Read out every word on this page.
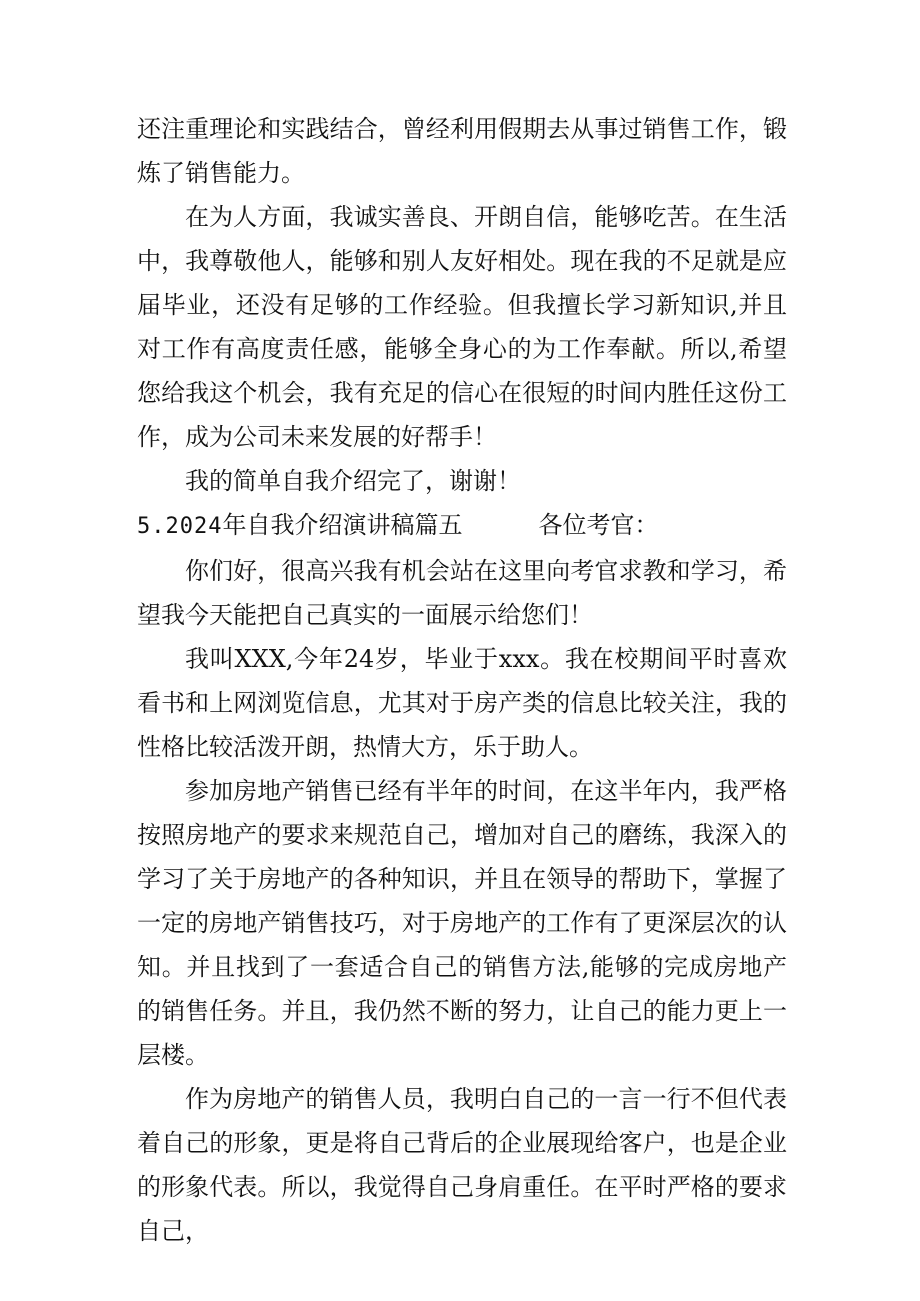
还注重理论和实践结合，曾经利用假期去从事过销售工作，锻炼了销售能力。

在为人方面，我诚实善良、开朗自信，能够吃苦。在生活中，我尊敬他人，能够和别人友好相处。现在我的不足就是应届毕业，还没有足够的工作经验。但我擅长学习新知识,并且对工作有高度责任感，能够全身心的为工作奉献。所以,希望您给我这个机会，我有充足的信心在很短的时间内胜任这份工作，成为公司未来发展的好帮手！

我的简单自我介绍完了，谢谢！

5.2024年自我介绍演讲稿篇五	各位考官：

你们好，很高兴我有机会站在这里向考官求教和学习，希望我今天能把自己真实的一面展示给您们！

我叫XXX,今年24岁，毕业于xxx。我在校期间平时喜欢看书和上网浏览信息，尤其对于房产类的信息比较关注，我的性格比较活泼开朗，热情大方，乐于助人。

参加房地产销售已经有半年的时间，在这半年内，我严格按照房地产的要求来规范自己，增加对自己的磨练，我深入的学习了关于房地产的各种知识，并且在领导的帮助下，掌握了一定的房地产销售技巧，对于房地产的工作有了更深层次的认知。并且找到了一套适合自己的销售方法,能够的完成房地产的销售任务。并且，我仍然不断的努力，让自己的能力更上一层楼。

作为房地产的销售人员，我明白自己的一言一行不但代表着自己的形象，更是将自己背后的企业展现给客户，也是企业的形象代表。所以，我觉得自己身肩重任。在平时严格的要求自己，
